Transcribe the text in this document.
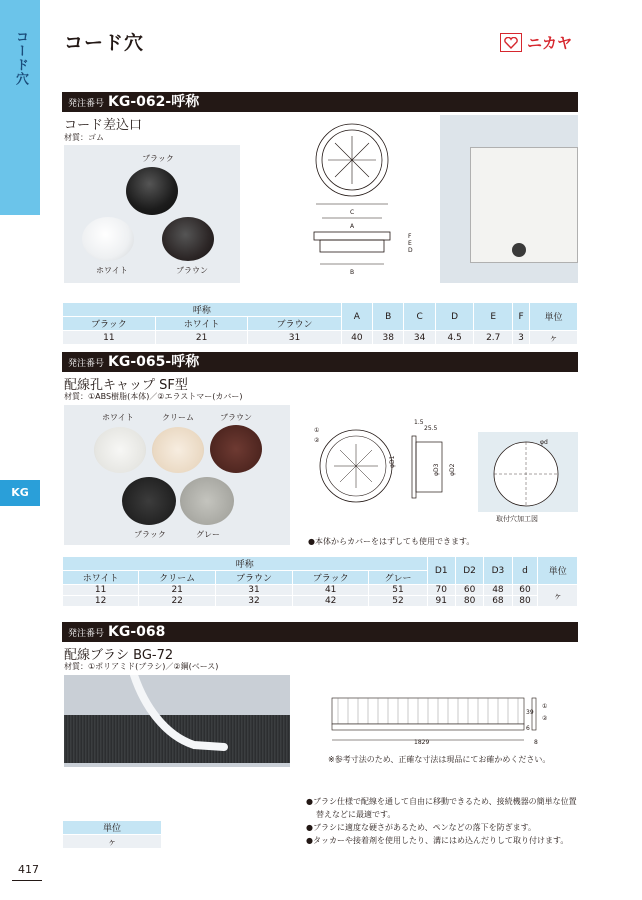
コード穴
KG
コード穴	ニカヤ
発注番号 KG-062-呼称
コード差込口
材質：ゴム
ブラック
ホワイト	ブラウン
C
A
F
E
D
B
呼称			A	B	C	D	E	F	単位
ブラック	ホワイト	ブラウン							
11	21	31	40	38	34	4.5	2.7	3	ヶ
発注番号 KG-065-呼称
配線孔キャップ SF型
材質：①ABS樹脂(本体)／②エラストマー(カバー)
ホワイト	クリーム	ブラウン
ブラック	グレー
①
②
φD1
1.5
25.5
φD3 φD2
φd
取付穴加工図
●本体からカバーをはずしても使用できます。
呼称					D1	D2	D3	d	単位
ホワイト	クリーム	ブラウン	ブラック	グレー					
11	21	31	41	51	70	60	48	60	ヶ
12	22	32	42	52	91	80	68	80	
発注番号 KG-068
配線ブラシ BG-72
材質：①ポリアミド(ブラシ)／②鋼(ベース)
1829
39
6
8
①
②
※参考寸法のため、正確な寸法は現品にてお確かめください。
●ブラシ仕様で配線を通して自由に移動できるため、接続機器の簡単な位置
替えなどに最適です。
●ブラシに適度な硬さがあるため、ペンなどの落下を防ぎます。
●タッカーや接着剤を使用したり、溝にはめ込んだりして取り付けます。
単位
ヶ
417
